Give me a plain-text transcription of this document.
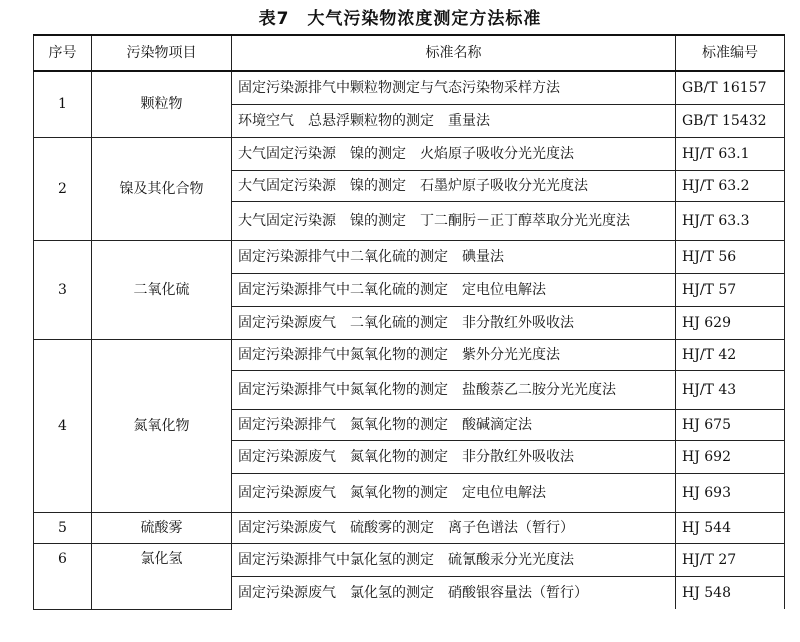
表7　大气污染物浓度测定方法标准
序号	污染物项目	标准名称	标准编号
1	颗粒物	固定污染源排气中颗粒物测定与气态污染物采样方法	GB/T 16157
		环境空气　总悬浮颗粒物的测定　重量法	GB/T 15432
2	镍及其化合物	大气固定污染源　镍的测定　火焰原子吸收分光光度法	HJ/T 63.1
		大气固定污染源　镍的测定　石墨炉原子吸收分光光度法	HJ/T 63.2
		大气固定污染源　镍的测定　丁二酮肟－正丁醇萃取分光光度法	HJ/T 63.3
3	二氧化硫	固定污染源排气中二氧化硫的测定　碘量法	HJ/T 56
		固定污染源排气中二氧化硫的测定　定电位电解法	HJ/T 57
		固定污染源废气　二氧化硫的测定　非分散红外吸收法	HJ 629
4	氮氧化物	固定污染源排气中氮氧化物的测定　紫外分光光度法	HJ/T 42
		固定污染源排气中氮氧化物的测定　盐酸萘乙二胺分光光度法	HJ/T 43
		固定污染源排气　氮氧化物的测定　酸碱滴定法	HJ 675
		固定污染源废气　氮氧化物的测定　非分散红外吸收法	HJ 692
		固定污染源废气　氮氧化物的测定　定电位电解法	HJ 693
5	硫酸雾	固定污染源废气　硫酸雾的测定　离子色谱法（暂行）	HJ 544
6	氯化氢	固定污染源排气中氯化氢的测定　硫氰酸汞分光光度法	HJ/T 27
		固定污染源废气　氯化氢的测定　硝酸银容量法（暂行）	HJ 548
